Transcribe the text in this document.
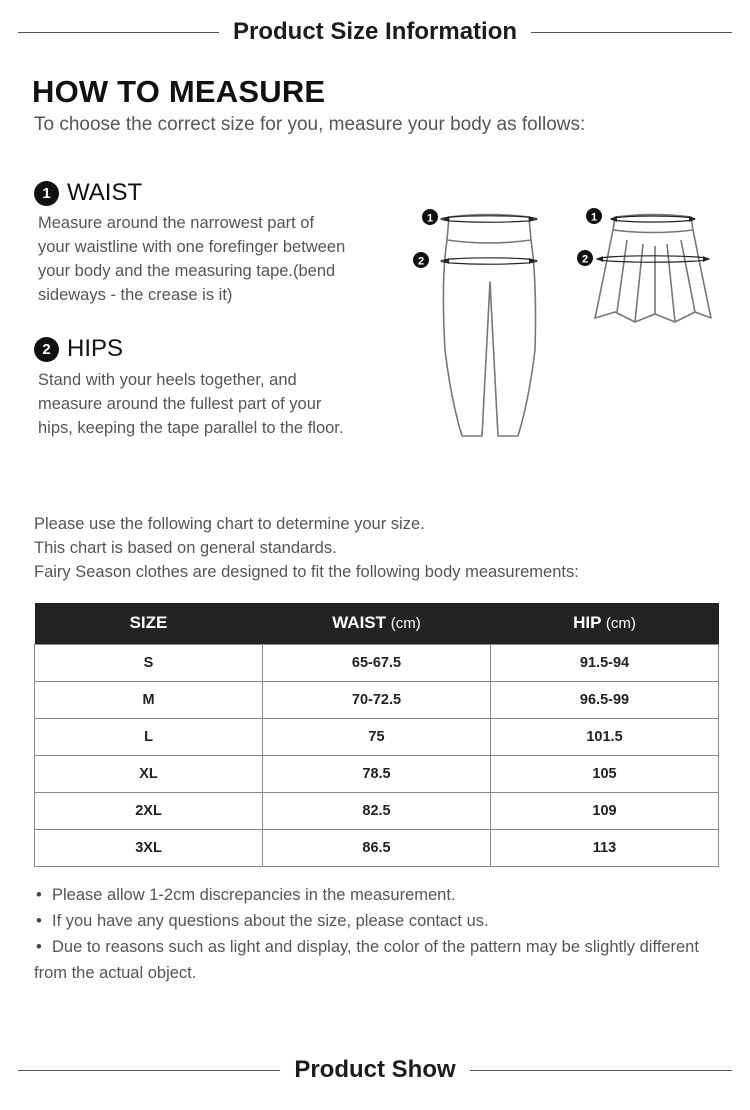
Product Size Information
HOW TO MEASURE
To choose the correct size for you, measure your body as follows:
1 WAIST
Measure around the narrowest part of
your waistline with one forefinger between
your body and the measuring tape.(bend
sideways - the crease is it)
2 HIPS
Stand with your heels together, and
measure around the fullest part of your
hips, keeping the tape parallel to the floor.
1
2
1
2
Please use the following chart to determine your size.
This chart is based on general standards.
Fairy Season clothes are designed to fit the following body measurements:
SIZE	WAIST (cm)	HIP (cm)
S	65-67.5	91.5-94
M	70-72.5	96.5-99
L	75	101.5
XL	78.5	105
2XL	82.5	109
3XL	86.5	113
• Please allow 1-2cm discrepancies in the measurement.
• If you have any questions about the size, please contact us.
• Due to reasons such as light and display, the color of the pattern may be slightly different from the actual object.
Product Show
